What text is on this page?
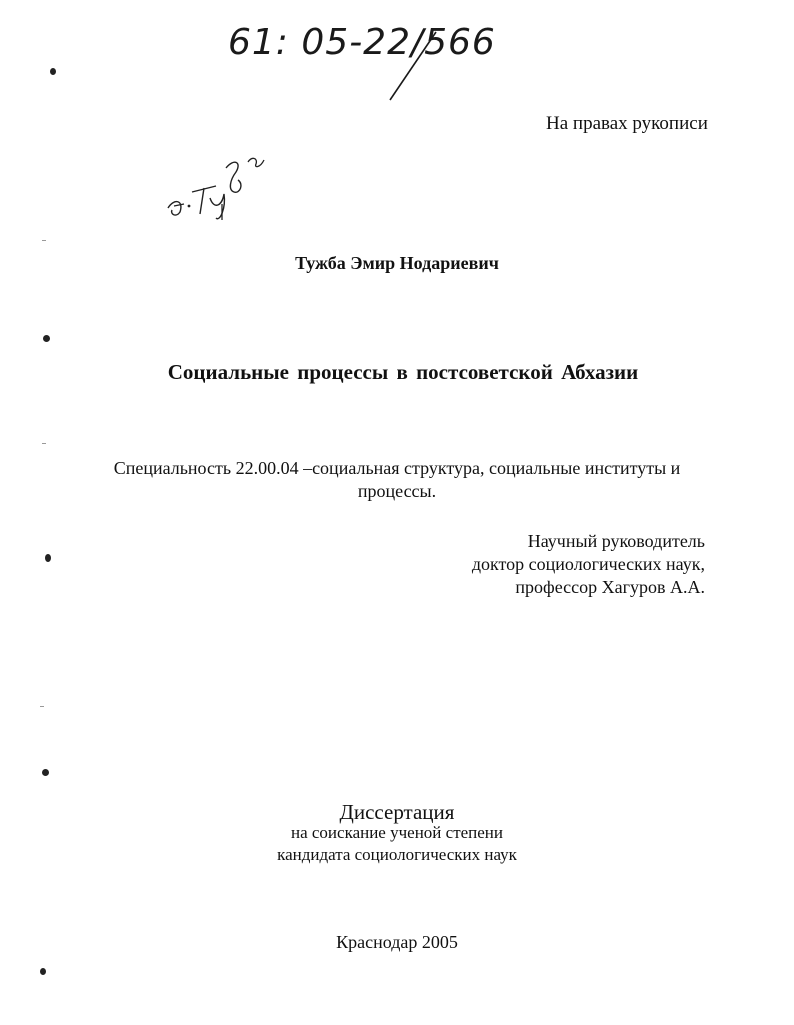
61: 05-22/566
На правах рукописи
Тужба Эмир Нодариевич
Социальные процессы в постсоветской Абхазии
Специальность 22.00.04 –социальная структура, социальные институты и
процессы.
Научный руководитель
доктор социологических наук,
профессор Хагуров А.А.
Диссертация
на соискание ученой степени
кандидата социологических наук
Краснодар 2005
